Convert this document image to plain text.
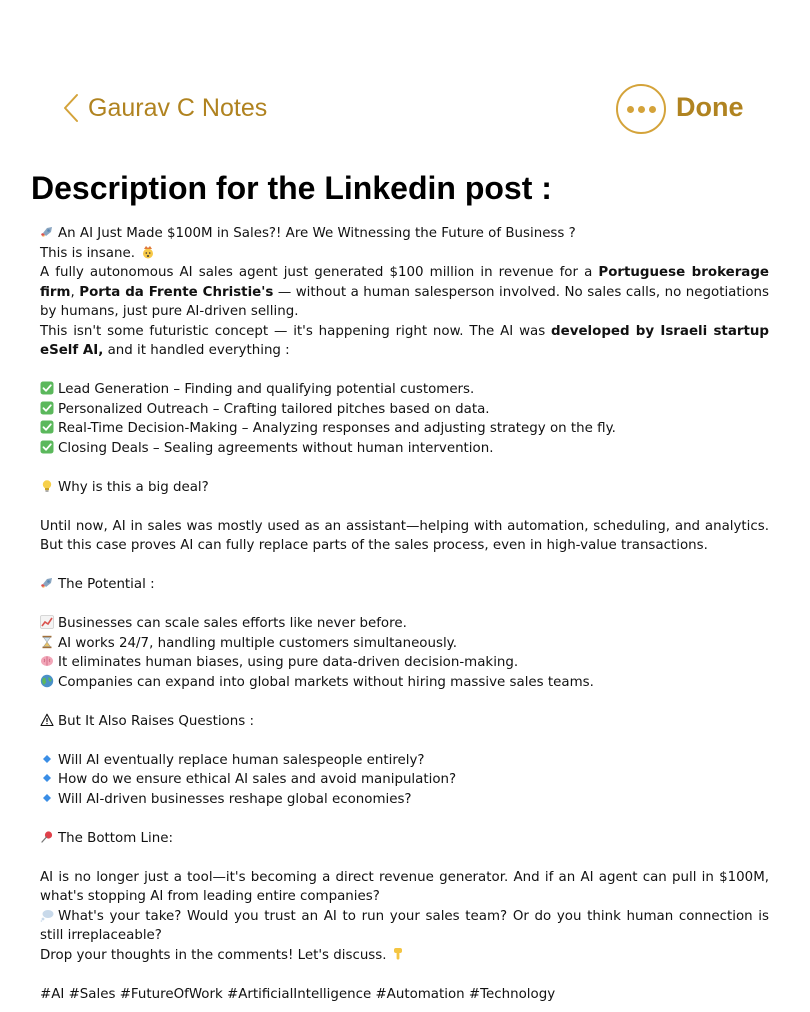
Gaurav C Notes	Done
Description for the Linkedin post :
An AI Just Made $100M in Sales?! Are We Witnessing the Future of Business ?
This is insane.

A fully autonomous AI sales agent just generated $100 million in revenue for a Portuguese brokerage firm, Porta da Frente Christie's — without a human salesperson involved. No sales calls, no negotiations by humans, just pure AI-driven selling.

This isn't some futuristic concept — it's happening right now. The AI was developed by Israeli startup eSelf AI, and it handled everything :

Lead Generation – Finding and qualifying potential customers.
Personalized Outreach – Crafting tailored pitches based on data.
Real-Time Decision-Making – Analyzing responses and adjusting strategy on the fly.
Closing Deals – Sealing agreements without human intervention.
Why is this a big deal?

Until now, AI in sales was mostly used as an assistant—helping with automation, scheduling, and analytics. But this case proves AI can fully replace parts of the sales process, even in high-value transactions.

The Potential :
Businesses can scale sales efforts like never before.
AI works 24/7, handling multiple customers simultaneously.
It eliminates human biases, using pure data-driven decision-making.
Companies can expand into global markets without hiring massive sales teams.
But It Also Raises Questions :
Will AI eventually replace human salespeople entirely?
How do we ensure ethical AI sales and avoid manipulation?
Will AI-driven businesses reshape global economies?
The Bottom Line:

AI is no longer just a tool—it's becoming a direct revenue generator. And if an AI agent can pull in $100M, what's stopping AI from leading entire companies?

What's your take? Would you trust an AI to run your sales team? Or do you think human connection is still irreplaceable?

Drop your thoughts in the comments! Let's discuss.
#AI #Sales #FutureOfWork #ArtificialIntelligence #Automation #Technology
